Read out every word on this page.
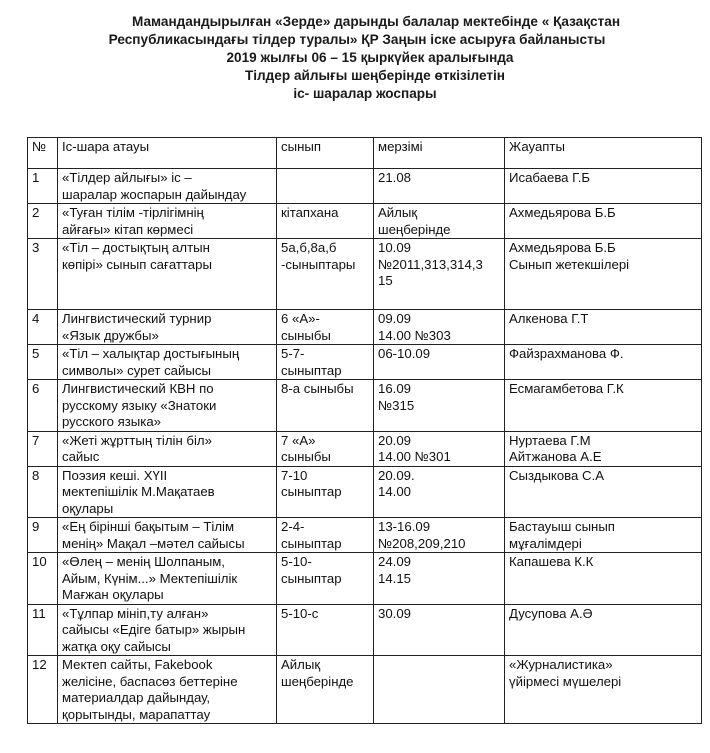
Мамандандырылған «Зерде» дарынды балалар мектебінде « Қазақстан
Республикасындағы тілдер туралы» ҚР Заңын іске асыруға байланысты
2019 жылғы 06 – 15 қыркүйек аралығында
Тілдер айлығы шеңберінде өткізілетін
іс- шаралар жоспары
№	Іс-шара атауы	сынып	мерзімі	Жауапты

1	«Тілдер айлығы» іс –
шаралар жоспарын дайындау		21.08	Исабаева Г.Б

2	«Туған тілім -тірлігімнің
айғағы» кітап көрмесі	кітапхана	Айлық
шеңберінде	Ахмедьярова Б.Б

3	«Тіл – достықтың алтын
көпірі» сынып сағаттары	5а,б,8а,б
-сыныптары	10.09
№2011,313,314,3
15	Ахмедьярова Б.Б
Сынып жетекшілері

4	Лингвистический турнир
«Язык дружбы»	6 «А»-
сыныбы	09.09
14.00 №303	Алкенова Г.Т

5	«Тіл – халықтар достығының
символы» сурет сайысы	5-7-
сыныптар	06-10.09	Файзрахманова Ф.

6	Лингвистический КВН по
русскому языку «Знатоки
русского языка»	8-а сыныбы	16.09
№315	Есмагамбетова Г.К

7	«Жеті жұрттың тілін біл»
сайыс	7 «А»
сыныбы	20.09
14.00 №301	Нуртаева Г.М
Айтжанова А.Е

8	Поэзия кеші. ХҮІІ
мектепішілік М.Мақатаев
оқулары	7-10
сыныптар	20.09.
14.00	Сыздыкова С.А

9	«Ең бірінші бақытым – Тілім
менің» Мақал –мәтел сайысы	2-4-
сыныптар	13-16.09
№208,209,210	Бастауыш сынып
мұғалімдері

10	«Өлең – менің Шолпаным,
Айым, Күнім...» Мектепішілік
Мағжан оқулары	5-10-
сыныптар	24.09
14.15	Капашева К.К

11	«Тұлпар мініп,ту алған»
сайысы «Едіге батыр» жырын
жатқа оқу сайысы	5-10-с	30.09	Дусупова А.Ә

12	Мектеп сайты, Fakebook
желісіне, баспасөз беттеріне
материалдар дайындау,
қорытынды, марапаттау	Айлық
шеңберінде		«Журналистика»
үйірмесі мүшелері
